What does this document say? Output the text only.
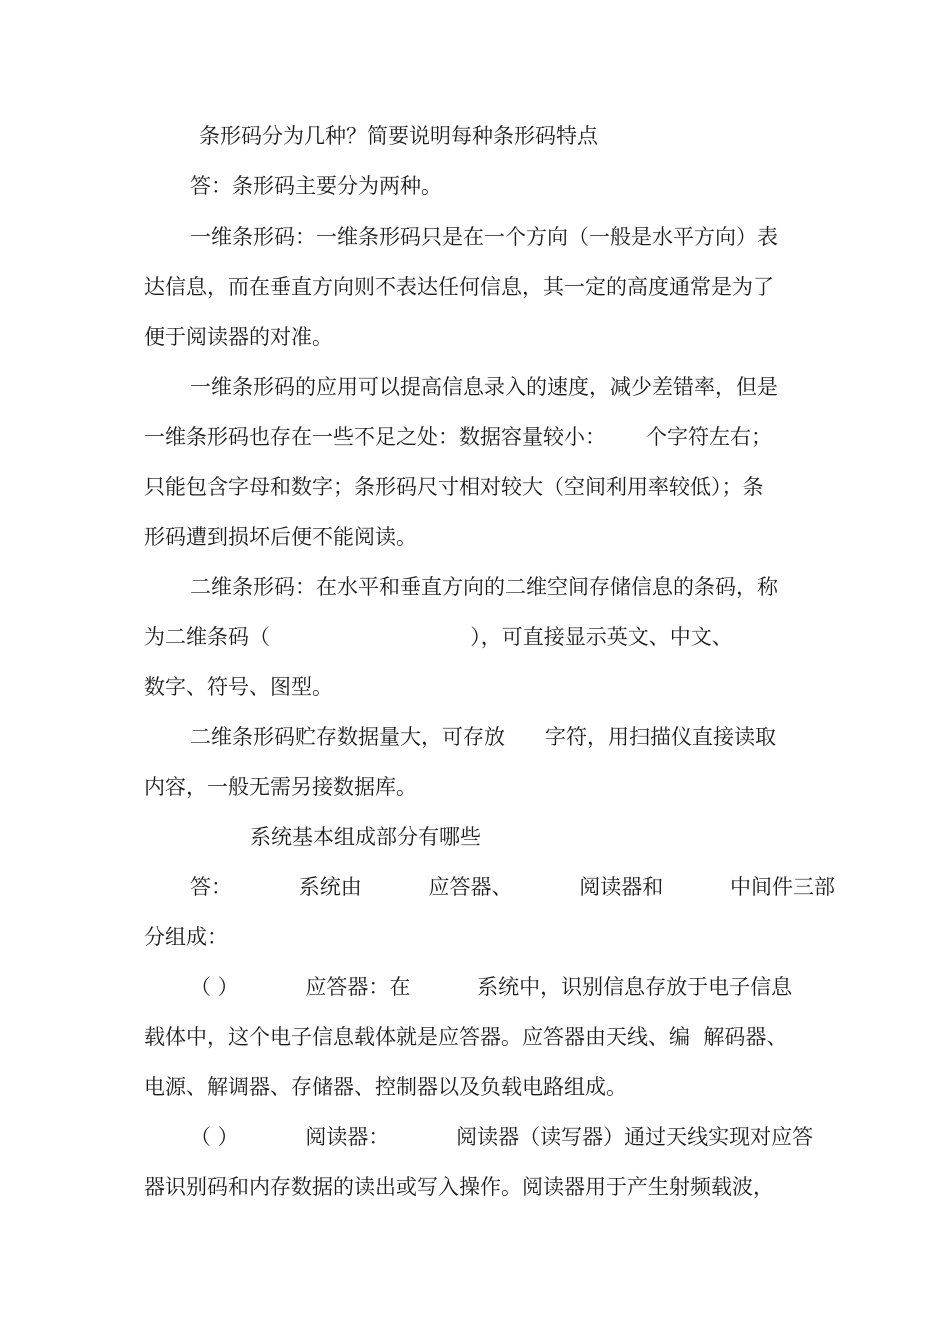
条形码分为几种？简要说明每种条形码特点
答：条形码主要分为两种。
一维条形码：一维条形码只是在一个方向（一般是水平方向）表
达信息，而在垂直方向则不表达任何信息，其一定的高度通常是为了
便于阅读器的对准。
一维条形码的应用可以提高信息录入的速度，减少差错率，但是
一维条形码也存在一些不足之处：数据容量较小：      个字符左右；
只能包含字母和数字；条形码尺寸相对较大（空间利用率较低）；条
形码遭到损坏后便不能阅读。
二维条形码：在水平和垂直方向的二维空间存储信息的条码，称
为二维条码（                              ），可直接显示英文、中文、
数字、符号、图型。
二维条形码贮存数据量大，可存放      字符，用扫描仪直接读取
内容，一般无需另接数据库。
系统基本组成部分有哪些
答：          系统由          应答器、          阅读器和          中间件三部
分组成：
（ ）          应答器：在          系统中，识别信息存放于电子信息
载体中，这个电子信息载体就是应答器。应答器由天线、编  解码器、
电源、解调器、存储器、控制器以及负载电路组成。
（ ）          阅读器：          阅读器（读写器）通过天线实现对应答
器识别码和内存数据的读出或写入操作。阅读器用于产生射频载波，
